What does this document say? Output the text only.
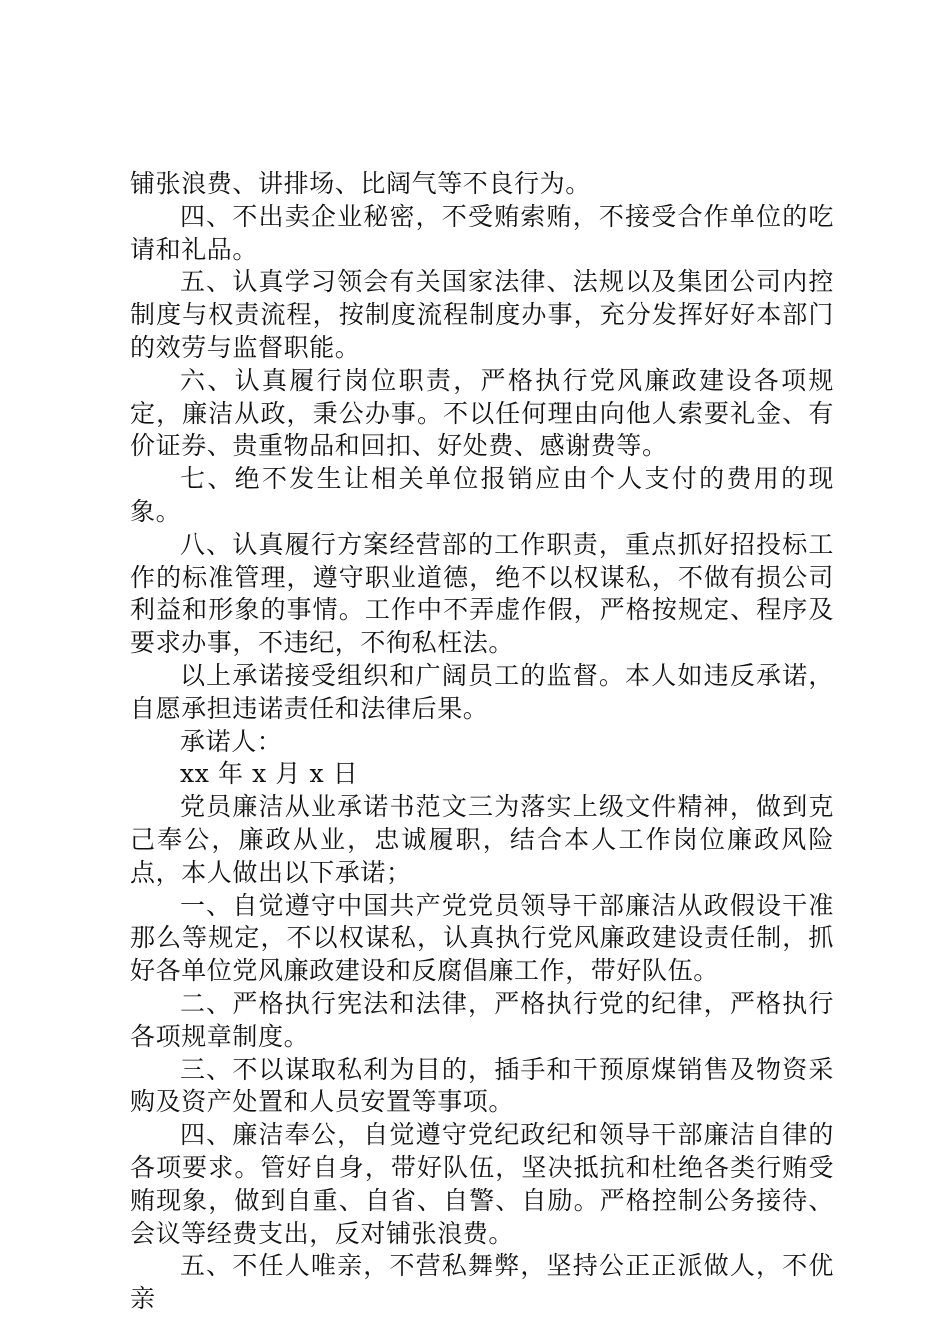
铺张浪费、讲排场、比阔气等不良行为。

四、不出卖企业秘密，不受贿索贿，不接受合作单位的吃请和礼品。

五、认真学习领会有关国家法律、法规以及集团公司内控制度与权责流程，按制度流程制度办事，充分发挥好好本部门的效劳与监督职能。

六、认真履行岗位职责，严格执行党风廉政建设各项规定，廉洁从政，秉公办事。不以任何理由向他人索要礼金、有价证券、贵重物品和回扣、好处费、感谢费等。

七、绝不发生让相关单位报销应由个人支付的费用的现象。

八、认真履行方案经营部的工作职责，重点抓好招投标工作的标准管理，遵守职业道德，绝不以权谋私，不做有损公司利益和形象的事情。工作中不弄虚作假，严格按规定、程序及要求办事，不违纪，不徇私枉法。

以上承诺接受组织和广阔员工的监督。本人如违反承诺，自愿承担违诺责任和法律后果。

承诺人：

xx 年 x 月 x 日

党员廉洁从业承诺书范文三为落实上级文件精神，做到克己奉公，廉政从业，忠诚履职，结合本人工作岗位廉政风险点，本人做出以下承诺；

一、自觉遵守中国共产党党员领导干部廉洁从政假设干准那么等规定，不以权谋私，认真执行党风廉政建设责任制，抓好各单位党风廉政建设和反腐倡廉工作，带好队伍。

二、严格执行宪法和法律，严格执行党的纪律，严格执行各项规章制度。

三、不以谋取私利为目的，插手和干预原煤销售及物资采购及资产处置和人员安置等事项。

四、廉洁奉公，自觉遵守党纪政纪和领导干部廉洁自律的各项要求。管好自身，带好队伍，坚决抵抗和杜绝各类行贿受贿现象，做到自重、自省、自警、自励。严格控制公务接待、会议等经费支出，反对铺张浪费。

五、不任人唯亲，不营私舞弊，坚持公正正派做人，不优亲
